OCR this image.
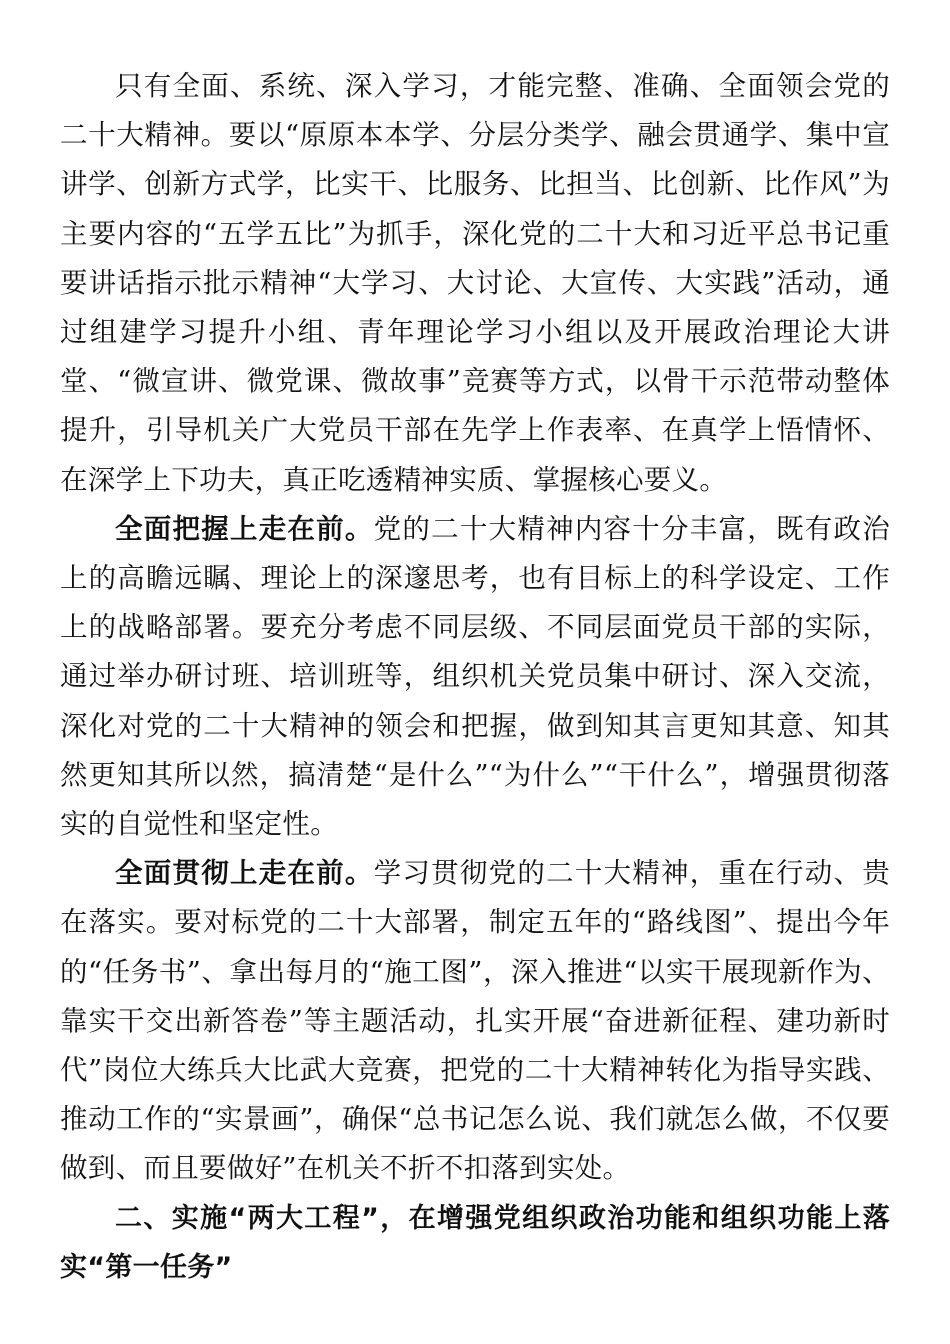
只有全面、系统、深入学习，才能完整、准确、全面领会党的二十大精神。要以“原原本本学、分层分类学、融会贯通学、集中宣讲学、创新方式学，比实干、比服务、比担当、比创新、比作风”为主要内容的“五学五比”为抓手，深化党的二十大和习近平总书记重要讲话指示批示精神“大学习、大讨论、大宣传、大实践”活动，通过组建学习提升小组、青年理论学习小组以及开展政治理论大讲堂、“微宣讲、微党课、微故事”竞赛等方式，以骨干示范带动整体提升，引导机关广大党员干部在先学上作表率、在真学上悟情怀、在深学上下功夫，真正吃透精神实质、掌握核心要义。

全面把握上走在前。党的二十大精神内容十分丰富，既有政治上的高瞻远瞩、理论上的深邃思考，也有目标上的科学设定、工作上的战略部署。要充分考虑不同层级、不同层面党员干部的实际，通过举办研讨班、培训班等，组织机关党员集中研讨、深入交流，深化对党的二十大精神的领会和把握，做到知其言更知其意、知其然更知其所以然，搞清楚“是什么”“为什么”“干什么”，增强贯彻落实的自觉性和坚定性。

全面贯彻上走在前。学习贯彻党的二十大精神，重在行动、贵在落实。要对标党的二十大部署，制定五年的“路线图”、提出今年的“任务书”、拿出每月的“施工图”，深入推进“以实干展现新作为、靠实干交出新答卷”等主题活动，扎实开展“奋进新征程、建功新时代”岗位大练兵大比武大竞赛，把党的二十大精神转化为指导实践、推动工作的“实景画”，确保“总书记怎么说、我们就怎么做，不仅要做到、而且要做好”在机关不折不扣落到实处。

二、实施“两大工程”，在增强党组织政治功能和组织功能上落实“第一任务”
